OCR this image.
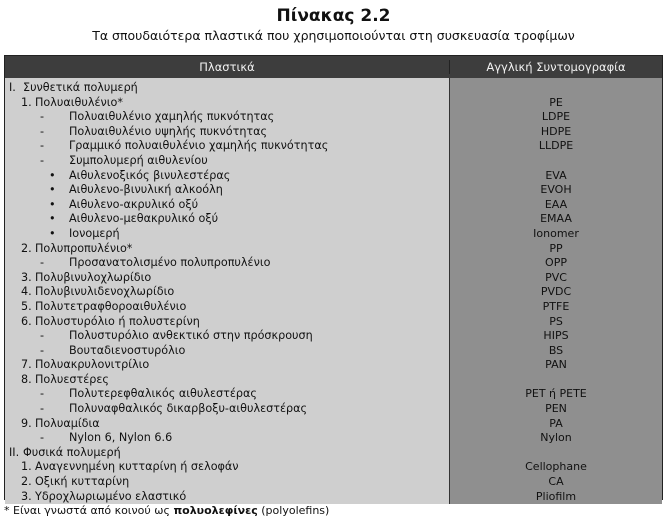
Πίνακας 2.2
Τα σπουδαιότερα πλαστικά που χρησιμοποιούνται στη συσκευασία τροφίμων
Πλαστικά	Αγγλική Συντομογραφία
I. Συνθετικά πολυμερή
1. Πολυαιθυλένιο*
- Πολυαιθυλένιο χαμηλής πυκνότητας
- Πολυαιθυλένιο υψηλής πυκνότητας
- Γραμμικό πολυαιθυλένιο χαμηλής πυκνότητας
- Συμπολυμερή αιθυλενίου
• Αιθυλενοξικός βινυλεστέρας
• Αιθυλενο-βινυλική αλκοόλη
• Αιθυλενο-ακρυλικό οξύ
• Αιθυλενο-μεθακρυλικό οξύ
• Ιονομερή
2. Πολυπροπυλένιο*
- Προσανατολισμένο πολυπροπυλένιο
3. Πολυβινυλοχλωρίδιο
4. Πολυβινυλιδενοχλωρίδιο
5. Πολυτετραφθοροαιθυλένιο
6. Πολυστυρόλιο ή πολυστερίνη
- Πολυστυρόλιο ανθεκτικό στην πρόσκρουση
- Βουταδιενοστυρόλιο
7. Πολυακρυλονιτρίλιο
8. Πολυεστέρες
- Πολυτερεφθαλικός αιθυλεστέρας
- Πολυναφθαλικός δικαρβοξυ-αιθυλεστέρας
9. Πολυαμίδια
- Nylon 6, Nylon 6.6
II. Φυσικά πολυμερή
1. Αναγεννημένη κυτταρίνη ή σελοφάν
2. Οξική κυτταρίνη
3. Υδροχλωριωμένο ελαστικό
PE
LDPE
HDPE
LLDPE
EVA
EVOH
EAA
EMAA
Ionomer
PP
OPP
PVC
PVDC
PTFE
PS
HIPS
BS
PAN
PET ή PETE
PEN
PA
Nylon
Cellophane
CA
Pliofilm
* Είναι γνωστά από κοινού ως πολυολεφίνες (polyolefins)
